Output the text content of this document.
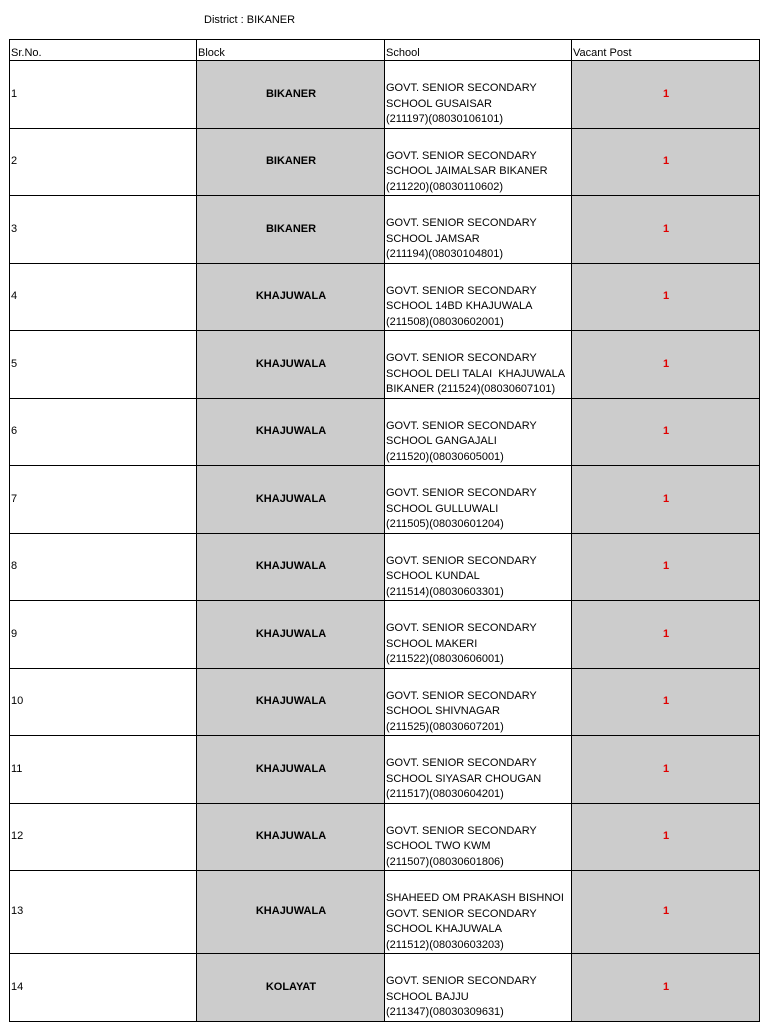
District : BIKANER
Sr.No.	Block	School	Vacant Post
1	BIKANER	GOVT. SENIOR SECONDARY
SCHOOL GUSAISAR
(211197)(08030106101)	1
2	BIKANER	GOVT. SENIOR SECONDARY
SCHOOL JAIMALSAR BIKANER
(211220)(08030110602)	1
3	BIKANER	GOVT. SENIOR SECONDARY
SCHOOL JAMSAR
(211194)(08030104801)	1
4	KHAJUWALA	GOVT. SENIOR SECONDARY
SCHOOL 14BD KHAJUWALA
(211508)(08030602001)	1
5	KHAJUWALA	GOVT. SENIOR SECONDARY
SCHOOL DELI TALAI  KHAJUWALA
BIKANER (211524)(08030607101)	1
6	KHAJUWALA	GOVT. SENIOR SECONDARY
SCHOOL GANGAJALI
(211520)(08030605001)	1
7	KHAJUWALA	GOVT. SENIOR SECONDARY
SCHOOL GULLUWALI
(211505)(08030601204)	1
8	KHAJUWALA	GOVT. SENIOR SECONDARY
SCHOOL KUNDAL
(211514)(08030603301)	1
9	KHAJUWALA	GOVT. SENIOR SECONDARY
SCHOOL MAKERI
(211522)(08030606001)	1
10	KHAJUWALA	GOVT. SENIOR SECONDARY
SCHOOL SHIVNAGAR
(211525)(08030607201)	1
11	KHAJUWALA	GOVT. SENIOR SECONDARY
SCHOOL SIYASAR CHOUGAN
(211517)(08030604201)	1
12	KHAJUWALA	GOVT. SENIOR SECONDARY
SCHOOL TWO KWM
(211507)(08030601806)	1
13	KHAJUWALA	SHAHEED OM PRAKASH BISHNOI
GOVT. SENIOR SECONDARY
SCHOOL KHAJUWALA
(211512)(08030603203)	1
14	KOLAYAT	GOVT. SENIOR SECONDARY
SCHOOL BAJJU
(211347)(08030309631)	1
